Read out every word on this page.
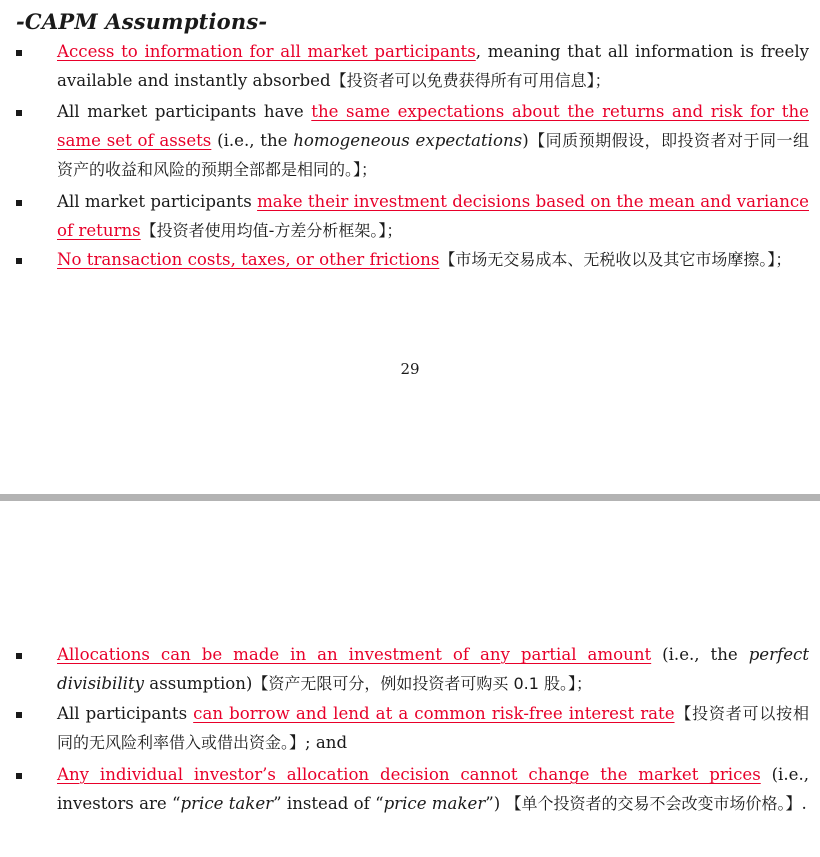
-CAPM Assumptions-

Access to information for all market participants, meaning that all information is freely available and instantly absorbed【投资者可以免费获得所有可用信息】；

All market participants have the same expectations about the returns and risk for the same set of assets (i.e., the homogeneous expectations)【同质预期假设，即投资者对于同一组资产的收益和风险的预期全部都是相同的。】；

All market participants make their investment decisions based on the mean and variance of returns【投资者使用均值-方差分析框架。】；

No transaction costs, taxes, or other frictions【市场无交易成本、无税收以及其它市场摩擦。】；

29

Allocations can be made in an investment of any partial amount (i.e., the perfect divisibility assumption)【资产无限可分，例如投资者可购买 0.1 股。】；

All participants can borrow and lend at a common risk-free interest rate【投资者可以按相同的无风险利率借入或借出资金。】; and

Any individual investor’s allocation decision cannot change the market prices (i.e., investors are “price taker” instead of “price maker”) 【单个投资者的交易不会改变市场价格。】.
